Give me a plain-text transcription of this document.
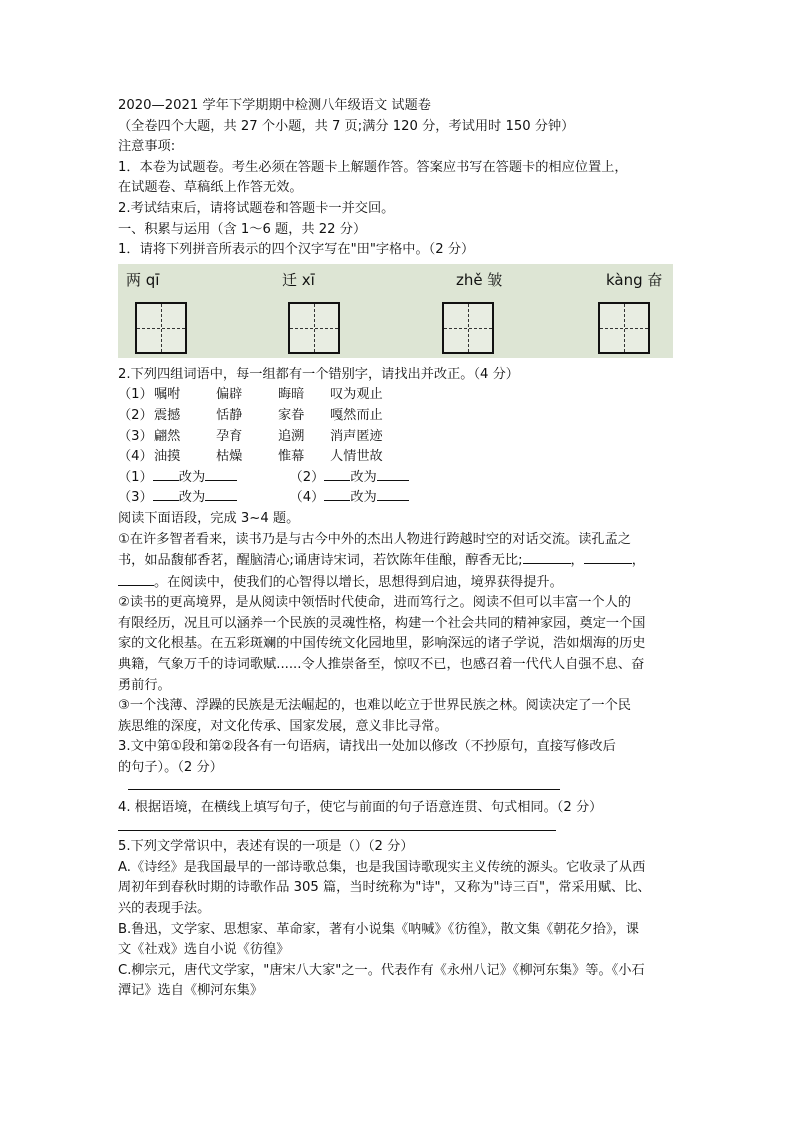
2020—2021 学年下学期期中检测八年级语文 试题卷
（全卷四个大题，共 27 个小题，共 7 页;满分 120 分，考试用时 150 分钟）
注意事项:
1．本卷为试题卷。考生必须在答题卡上解题作答。答案应书写在答题卡的相应位置上，
在试题卷、草稿纸上作答无效。
2.考试结束后，请将试题卷和答题卡一并交回。
一、积累与运用（含 1～6 题，共 22 分）
1．请将下列拼音所表示的四个汉字写在"田"字格中。（2 分）
两 qī	迁 xī	zhě 皱	kàng 奋
2.下列四组词语中，每一组都有一个错别字，请找出并改正。（4 分）
（1）嘱咐	偏辟	晦暗 叹为观止
（2）震撼	恬静	家眷 嘎然而止
（3）翩然	孕育	追溯 消声匿迹
（4）油摸	枯燥	惟幕 人情世故
（1） 改为	（2） 改为
（3） 改为	（4） 改为
阅读下面语段，完成 3~4 题。
①在许多智者看来，读书乃是与古今中外的杰出人物进行跨越时空的对话交流。读孔孟之
书，如品馥郁香茗，醒脑清心;诵唐诗宋词，若饮陈年佳酿，醇香无比;	，	，
。在阅读中，使我们的心智得以增长，思想得到启迪，境界获得提升。
②读书的更高境界，是从阅读中领悟时代使命，进而笃行之。阅读不但可以丰富一个人的
有限经历，况且可以涵养一个民族的灵魂性格，构建一个社会共同的精神家园，奠定一个国
家的文化根基。在五彩斑斓的中国传统文化园地里，影响深远的诸子学说，浩如烟海的历史
典籍，气象万千的诗词歌赋......令人推崇备至，惊叹不已，也感召着一代代人自强不息、奋
勇前行。
③一个浅薄、浮躁的民族是无法崛起的，也难以屹立于世界民族之林。阅读决定了一个民
族思维的深度，对文化传承、国家发展，意义非比寻常。
3.文中第①段和第②段各有一句语病，请找出一处加以修改（不抄原句，直接写修改后
的句子）。（2 分）
4. 根据语境，在横线上填写句子，使它与前面的句子语意连贯、句式相同。（2 分）
5.下列文学常识中，表述有误的一项是（）（2 分）
A.《诗经》是我国最早的一部诗歌总集，也是我国诗歌现实主义传统的源头。它收录了从西
周初年到春秋时期的诗歌作品 305 篇，当时统称为"诗"，又称为"诗三百"，常采用赋、比、
兴的表现手法。
B.鲁迅，文学家、思想家、革命家，著有小说集《呐喊》《彷徨》，散文集《朝花夕拾》，课
文《社戏》选自小说《彷徨》
C.柳宗元，唐代文学家，"唐宋八大家"之一。代表作有《永州八记》《柳河东集》等。《小石
潭记》选自《柳河东集》
